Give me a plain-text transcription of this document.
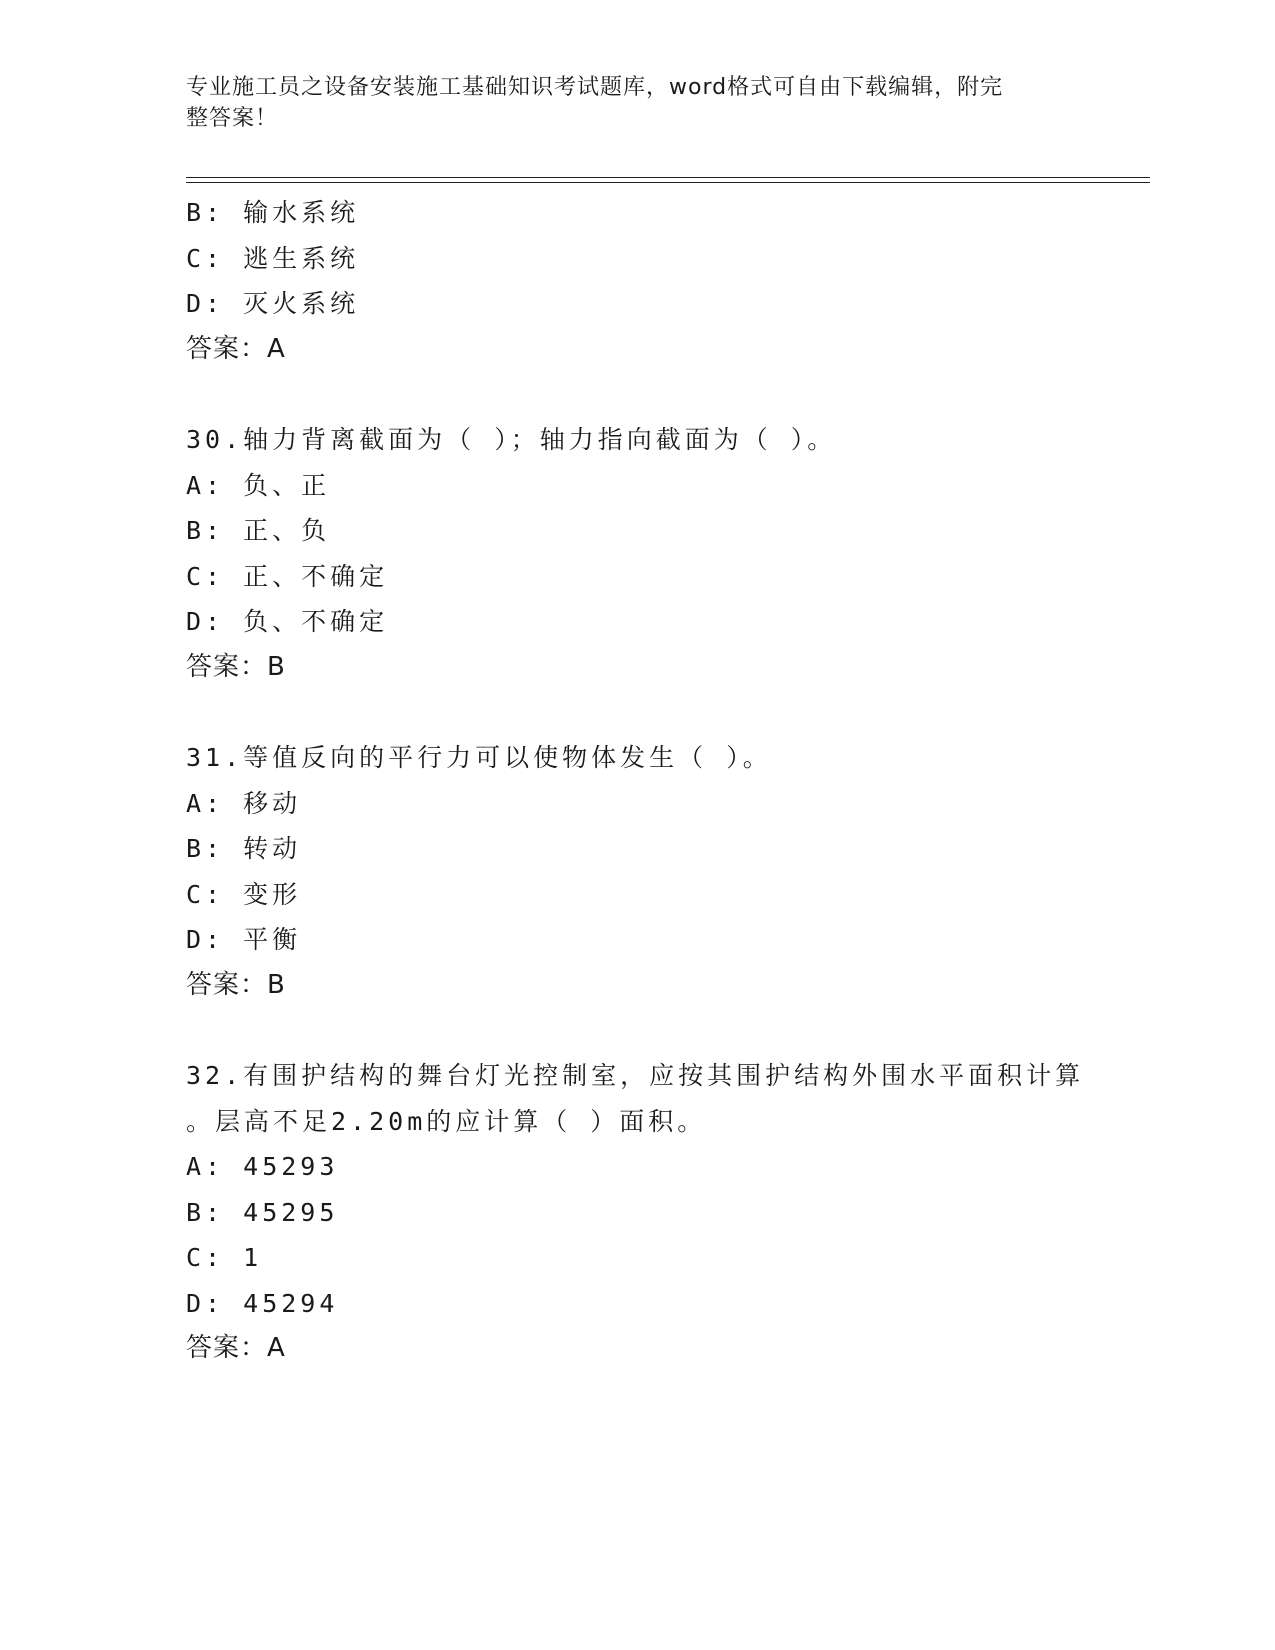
专业施工员之设备安装施工基础知识考试题库，word格式可自由下载编辑，附完
整答案！
B: 输水系统
C: 逃生系统
D: 灭火系统
答案：A
30.轴力背离截面为（ ）；轴力指向截面为（ ）。
A: 负、正
B: 正、负
C: 正、不确定
D: 负、不确定
答案：B
31.等值反向的平行力可以使物体发生（ ）。
A: 移动
B: 转动
C: 变形
D: 平衡
答案：B
32.有围护结构的舞台灯光控制室，应按其围护结构外围水平面积计算
。层高不足2.20m的应计算（ ）面积。
A: 45293
B: 45295
C: 1
D: 45294
答案：A
